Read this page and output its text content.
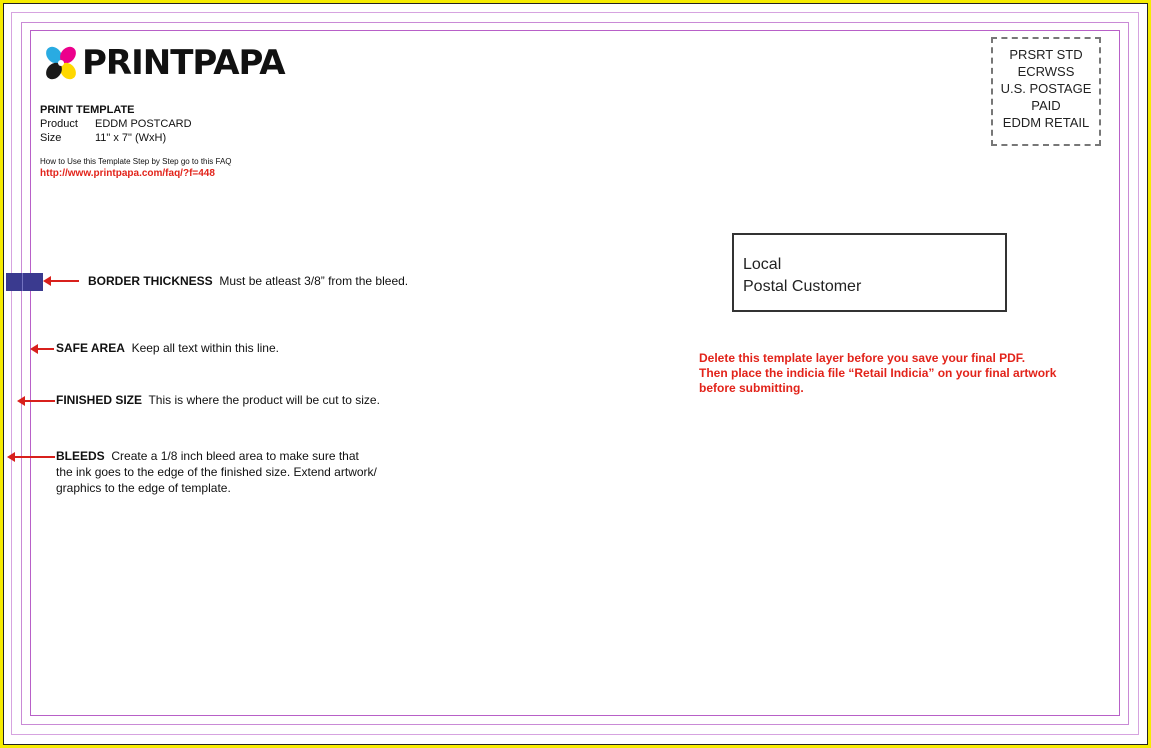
PRINTPAPA
PRINT TEMPLATE
Product	EDDM POSTCARD
Size	11" x 7" (WxH)
How to Use this Template Step by Step go to this FAQ
http://www.printpapa.com/faq/?f=448
PRSRT STD
ECRWSS
U.S. POSTAGE
PAID
EDDM RETAIL
Local
Postal Customer
Delete this template layer before you save your final PDF.
Then place the indicia file “Retail Indicia” on your final artwork
before submitting.
BORDER THICKNESS Must be atleast 3/8” from the bleed.
SAFE AREA Keep all text within this line.
FINISHED SIZE This is where the product will be cut to size.
BLEEDS Create a 1/8 inch bleed area to make sure that
the ink goes to the edge of the finished size. Extend artwork/
graphics to the edge of template.
